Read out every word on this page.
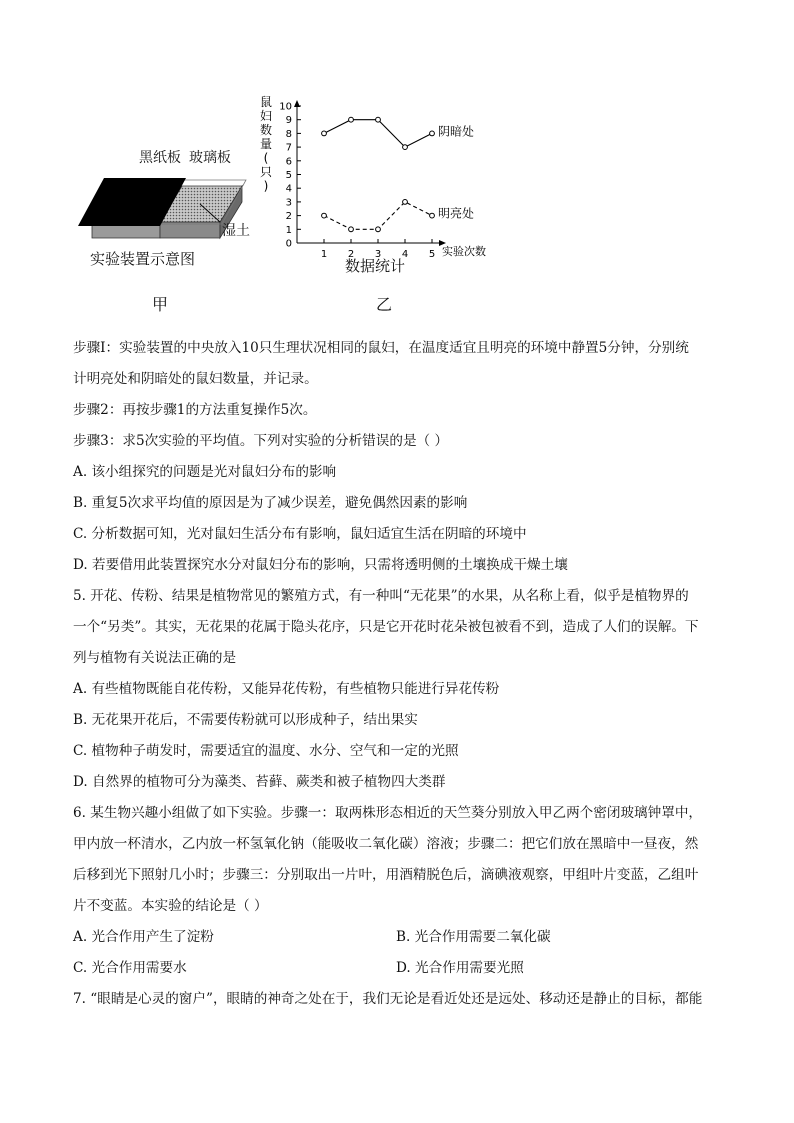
黑纸板 玻璃板
湿土
实验装置示意图
甲
0
1
2
3
4
5
6
7
8
9
10
1 2 3 4 5
鼠
妇
数
量
(
只
)
实验次数
阴暗处
明亮处
数据统计
乙
步骤Ⅰ：实验装置的中央放入10只生理状况相同的鼠妇，在温度适宜且明亮的环境中静置5分钟，分别统
计明亮处和阴暗处的鼠妇数量，并记录。
步骤2：再按步骤1的方法重复操作5次。
步骤3：求5次实验的平均值。下列对实验的分析错误的是（ ）
A. 该小组探究的问题是光对鼠妇分布的影响
B. 重复5次求平均值的原因是为了减少误差，避免偶然因素的影响
C. 分析数据可知，光对鼠妇生活分布有影响，鼠妇适宜生活在阴暗的环境中
D. 若要借用此装置探究水分对鼠妇分布的影响，只需将透明侧的土壤换成干燥土壤
5. 开花、传粉、结果是植物常见的繁殖方式，有一种叫“无花果”的水果，从名称上看，似乎是植物界的
一个“另类”。其实，无花果的花属于隐头花序，只是它开花时花朵被包被看不到，造成了人们的误解。下
列与植物有关说法正确的是
A. 有些植物既能自花传粉，又能异花传粉，有些植物只能进行异花传粉
B. 无花果开花后，不需要传粉就可以形成种子，结出果实
C. 植物种子萌发时，需要适宜的温度、水分、空气和一定的光照
D. 自然界的植物可分为藻类、苔藓、蕨类和被子植物四大类群
6. 某生物兴趣小组做了如下实验。步骤一：取两株形态相近的天竺葵分别放入甲乙两个密闭玻璃钟罩中，
甲内放一杯清水，乙内放一杯氢氧化钠（能吸收二氧化碳）溶液；步骤二：把它们放在黑暗中一昼夜，然
后移到光下照射几小时；步骤三：分别取出一片叶，用酒精脱色后，滴碘液观察，甲组叶片变蓝，乙组叶
片不变蓝。本实验的结论是（ ）
A. 光合作用产生了淀粉	B. 光合作用需要二氧化碳
C. 光合作用需要水	D. 光合作用需要光照
7. “眼睛是心灵的窗户”，眼睛的神奇之处在于，我们无论是看近处还是远处、移动还是静止的目标，都能
